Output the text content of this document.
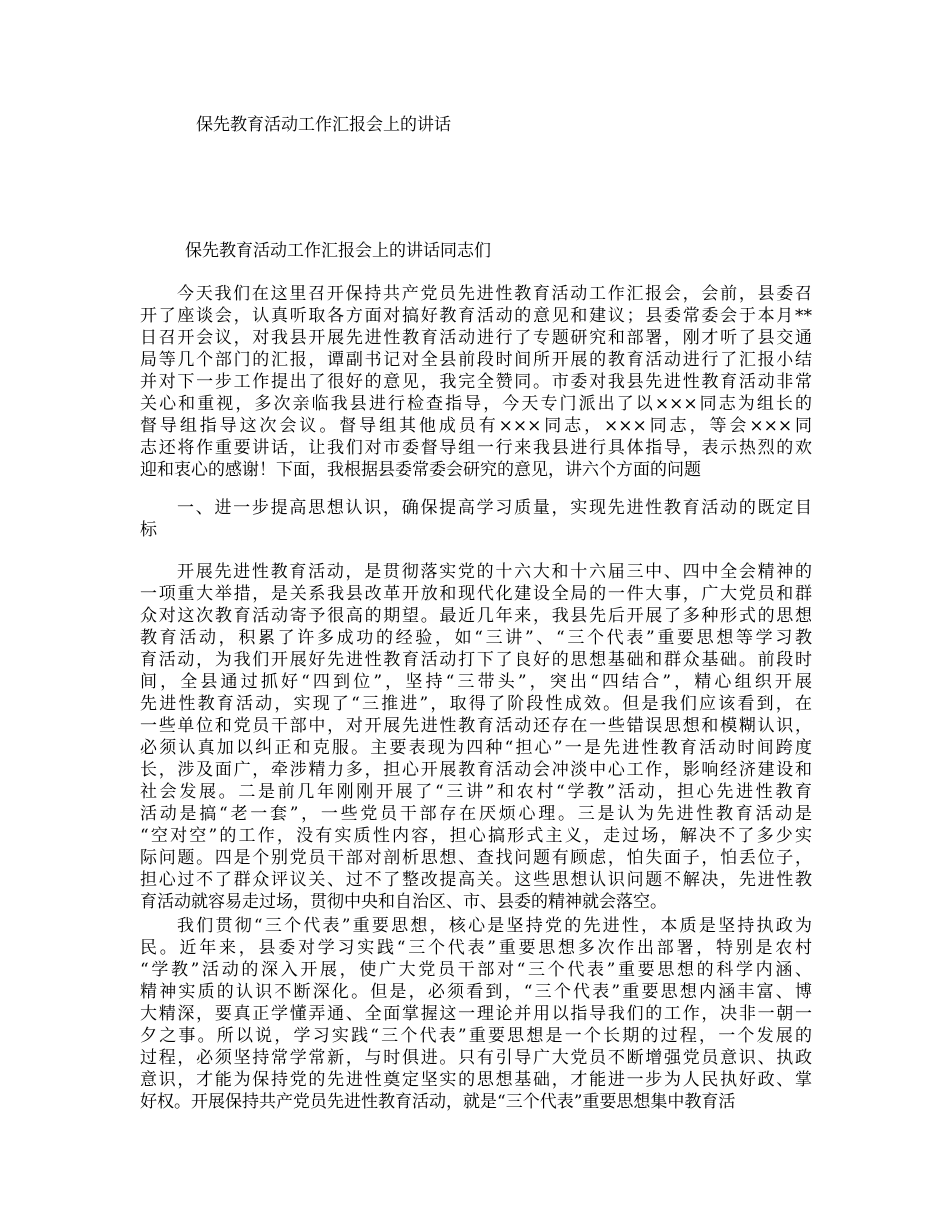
保先教育活动工作汇报会上的讲话
保先教育活动工作汇报会上的讲话同志们
今天我们在这里召开保持共产党员先进性教育活动工作汇报会，会前，县委召
开了座谈会，认真听取各方面对搞好教育活动的意见和建议；县委常委会于本月**
日召开会议，对我县开展先进性教育活动进行了专题研究和部署，刚才听了县交通
局等几个部门的汇报，谭副书记对全县前段时间所开展的教育活动进行了汇报小结
并对下一步工作提出了很好的意见，我完全赞同。市委对我县先进性教育活动非常
关心和重视，多次亲临我县进行检查指导，今天专门派出了以×××同志为组长的
督导组指导这次会议。督导组其他成员有×××同志，×××同志，等会×××同
志还将作重要讲话，让我们对市委督导组一行来我县进行具体指导，表示热烈的欢
迎和衷心的感谢！下面，我根据县委常委会研究的意见，讲六个方面的问题
一、进一步提高思想认识，确保提高学习质量，实现先进性教育活动的既定目
标
开展先进性教育活动，是贯彻落实党的十六大和十六届三中、四中全会精神的
一项重大举措，是关系我县改革开放和现代化建设全局的一件大事，广大党员和群
众对这次教育活动寄予很高的期望。最近几年来，我县先后开展了多种形式的思想
教育活动，积累了许多成功的经验，如“三讲”、“三个代表”重要思想等学习教
育活动，为我们开展好先进性教育活动打下了良好的思想基础和群众基础。前段时
间，全县通过抓好“四到位”，坚持“三带头”，突出“四结合”，精心组织开展
先进性教育活动，实现了“三推进”，取得了阶段性成效。但是我们应该看到，在
一些单位和党员干部中，对开展先进性教育活动还存在一些错误思想和模糊认识，
必须认真加以纠正和克服。主要表现为四种“担心”一是先进性教育活动时间跨度
长，涉及面广，牵涉精力多，担心开展教育活动会冲淡中心工作，影响经济建设和
社会发展。二是前几年刚刚开展了“三讲”和农村“学教”活动，担心先进性教育
活动是搞“老一套”，一些党员干部存在厌烦心理。三是认为先进性教育活动是
“空对空”的工作，没有实质性内容，担心搞形式主义，走过场，解决不了多少实
际问题。四是个别党员干部对剖析思想、查找问题有顾虑，怕失面子，怕丢位子，
担心过不了群众评议关、过不了整改提高关。这些思想认识问题不解决，先进性教
育活动就容易走过场，贯彻中央和自治区、市、县委的精神就会落空。
我们贯彻“三个代表”重要思想，核心是坚持党的先进性，本质是坚持执政为
民。近年来，县委对学习实践“三个代表”重要思想多次作出部署，特别是农村
“学教”活动的深入开展，使广大党员干部对“三个代表”重要思想的科学内涵、
精神实质的认识不断深化。但是，必须看到，“三个代表”重要思想内涵丰富、博
大精深，要真正学懂弄通、全面掌握这一理论并用以指导我们的工作，决非一朝一
夕之事。所以说，学习实践“三个代表”重要思想是一个长期的过程，一个发展的
过程，必须坚持常学常新，与时俱进。只有引导广大党员不断增强党员意识、执政
意识，才能为保持党的先进性奠定坚实的思想基础，才能进一步为人民执好政、掌
好权。开展保持共产党员先进性教育活动，就是“三个代表”重要思想集中教育活
